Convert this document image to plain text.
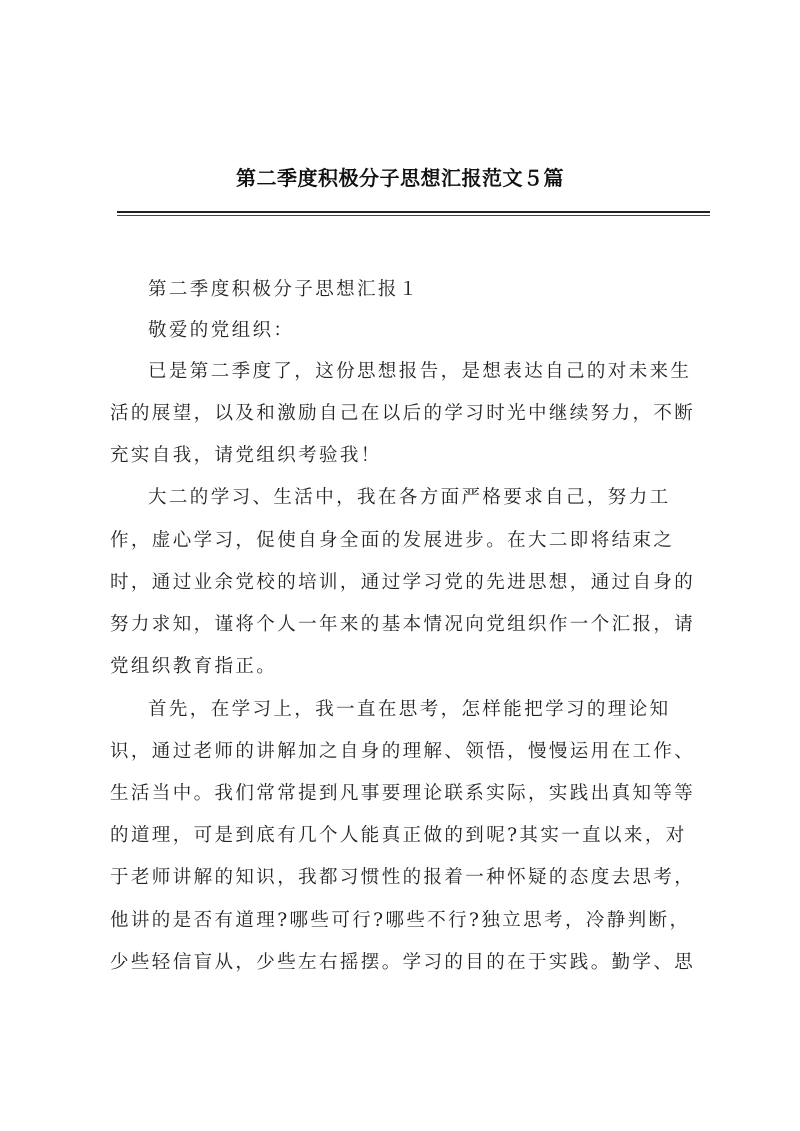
第二季度积极分子思想汇报范文５篇
第二季度积极分子思想汇报１
敬爱的党组织：
已是第二季度了，这份思想报告，是想表达自己的对未来生
活的展望，以及和激励自己在以后的学习时光中继续努力，不断
充实自我，请党组织考验我！
大二的学习、生活中，我在各方面严格要求自己，努力工
作，虚心学习，促使自身全面的发展进步。在大二即将结束之
时，通过业余党校的培训，通过学习党的先进思想，通过自身的
努力求知，谨将个人一年来的基本情况向党组织作一个汇报，请
党组织教育指正。
首先，在学习上，我一直在思考，怎样能把学习的理论知
识，通过老师的讲解加之自身的理解、领悟，慢慢运用在工作、
生活当中。我们常常提到凡事要理论联系实际，实践出真知等等
的道理，可是到底有几个人能真正做的到呢?其实一直以来，对
于老师讲解的知识，我都习惯性的报着一种怀疑的态度去思考，
他讲的是否有道理?哪些可行?哪些不行?独立思考，冷静判断，
少些轻信盲从，少些左右摇摆。学习的目的在于实践。勤学、思
